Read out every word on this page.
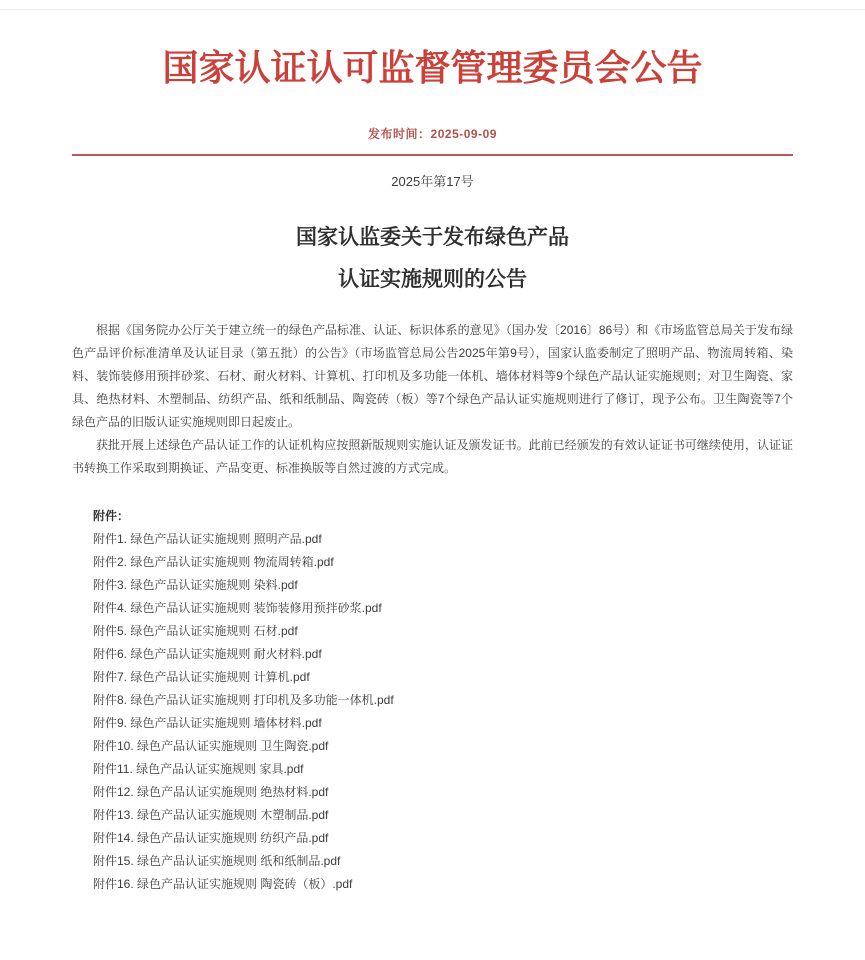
国家认证认可监督管理委员会公告
发布时间：2025-09-09
2025年第17号
国家认监委关于发布绿色产品
认证实施规则的公告

根据《国务院办公厅关于建立统一的绿色产品标准、认证、标识体系的意见》（国办发〔2016〕86号）和《市场监管总局关于发布绿色产品评价标准清单及认证目录（第五批）的公告》（市场监管总局公告2025年第9号），国家认监委制定了照明产品、物流周转箱、染料、装饰装修用预拌砂浆、石材、耐火材料、计算机、打印机及多功能一体机、墙体材料等9个绿色产品认证实施规则；对卫生陶瓷、家具、绝热材料、木塑制品、纺织产品、纸和纸制品、陶瓷砖（板）等7个绿色产品认证实施规则进行了修订，现予公布。卫生陶瓷等7个绿色产品的旧版认证实施规则即日起废止。

获批开展上述绿色产品认证工作的认证机构应按照新版规则实施认证及颁发证书。此前已经颁发的有效认证证书可继续使用，认证证书转换工作采取到期换证、产品变更、标准换版等自然过渡的方式完成。

附件：
附件1. 绿色产品认证实施规则 照明产品.pdf
附件2. 绿色产品认证实施规则 物流周转箱.pdf
附件3. 绿色产品认证实施规则 染料.pdf
附件4. 绿色产品认证实施规则 装饰装修用预拌砂浆.pdf
附件5. 绿色产品认证实施规则 石材.pdf
附件6. 绿色产品认证实施规则 耐火材料.pdf
附件7. 绿色产品认证实施规则 计算机.pdf
附件8. 绿色产品认证实施规则 打印机及多功能一体机.pdf
附件9. 绿色产品认证实施规则 墙体材料.pdf
附件10. 绿色产品认证实施规则 卫生陶瓷.pdf
附件11. 绿色产品认证实施规则 家具.pdf
附件12. 绿色产品认证实施规则 绝热材料.pdf
附件13. 绿色产品认证实施规则 木塑制品.pdf
附件14. 绿色产品认证实施规则 纺织产品.pdf
附件15. 绿色产品认证实施规则 纸和纸制品.pdf
附件16. 绿色产品认证实施规则 陶瓷砖（板）.pdf
